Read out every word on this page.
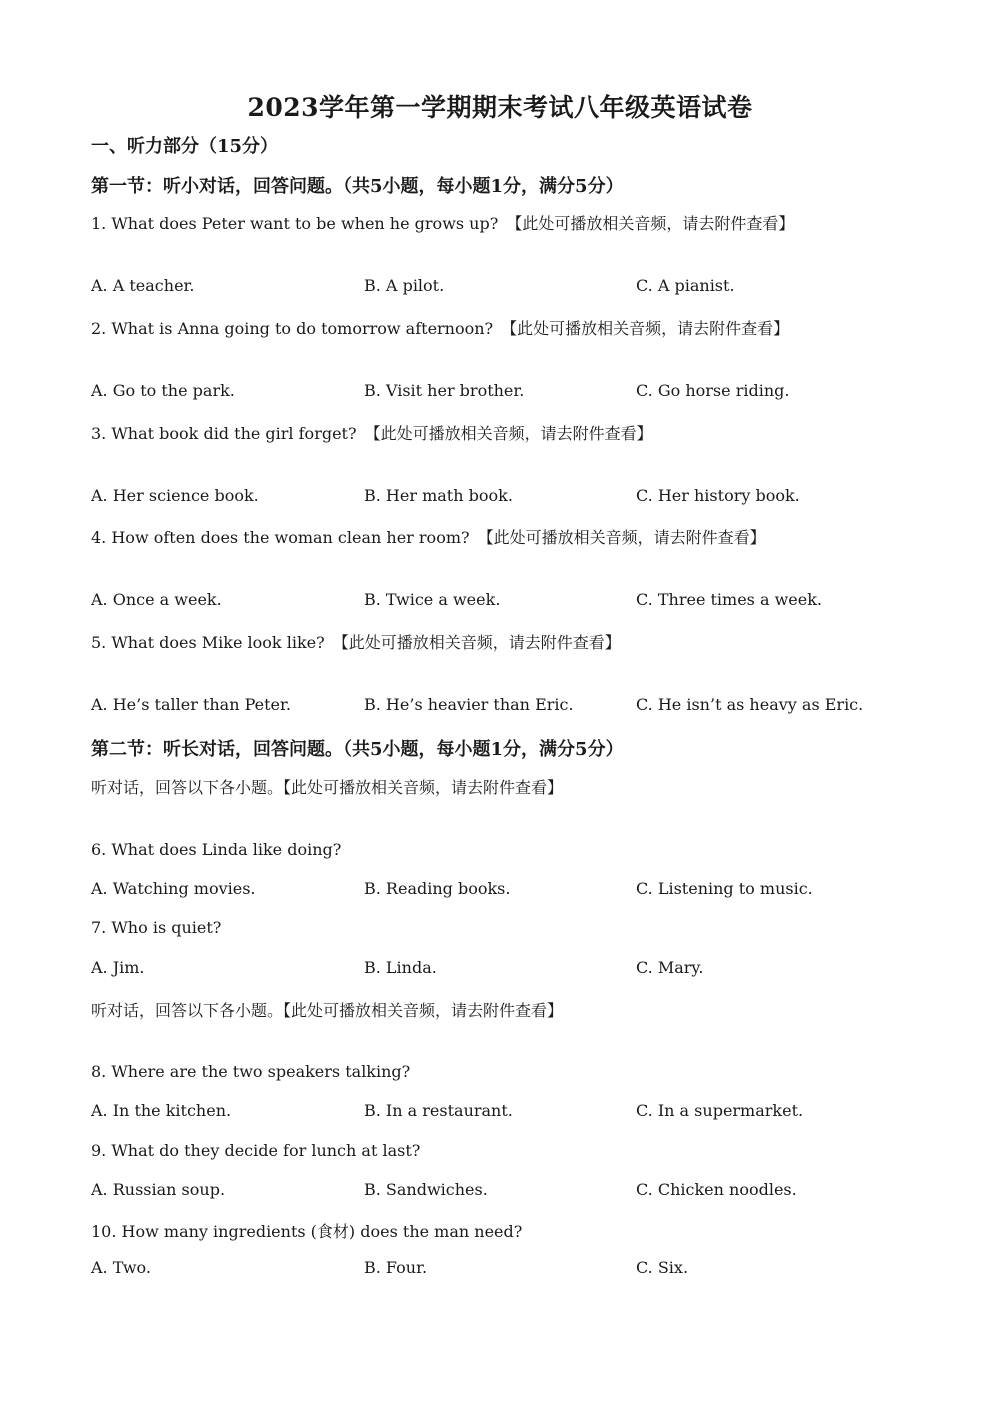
2023学年第一学期期末考试八年级英语试卷
一、听力部分（15分）
第一节：听小对话，回答问题。（共5小题，每小题1分，满分5分）
1. What does Peter want to be when he grows up? 【此处可播放相关音频，请去附件查看】
A. A teacher.	B. A pilot.	C. A pianist.
2. What is Anna going to do tomorrow afternoon? 【此处可播放相关音频，请去附件查看】
A. Go to the park.	B. Visit her brother.	C. Go horse riding.
3. What book did the girl forget? 【此处可播放相关音频，请去附件查看】
A. Her science book.	B. Her math book.	C. Her history book.
4. How often does the woman clean her room? 【此处可播放相关音频，请去附件查看】
A. Once a week.	B. Twice a week.	C. Three times a week.
5. What does Mike look like? 【此处可播放相关音频，请去附件查看】
A. He’s taller than Peter.	B. He’s heavier than Eric.	C. He isn’t as heavy as Eric.
第二节：听长对话，回答问题。（共5小题，每小题1分，满分5分）
听对话，回答以下各小题。【此处可播放相关音频，请去附件查看】
6. What does Linda like doing?
A. Watching movies.	B. Reading books.	C. Listening to music.
7. Who is quiet?
A. Jim.	B. Linda.	C. Mary.
听对话，回答以下各小题。【此处可播放相关音频，请去附件查看】
8. Where are the two speakers talking?
A. In the kitchen.	B. In a restaurant.	C. In a supermarket.
9. What do they decide for lunch at last?
A. Russian soup.	B. Sandwiches.	C. Chicken noodles.
10. How many ingredients (食材) does the man need?
A. Two.	B. Four.	C. Six.
